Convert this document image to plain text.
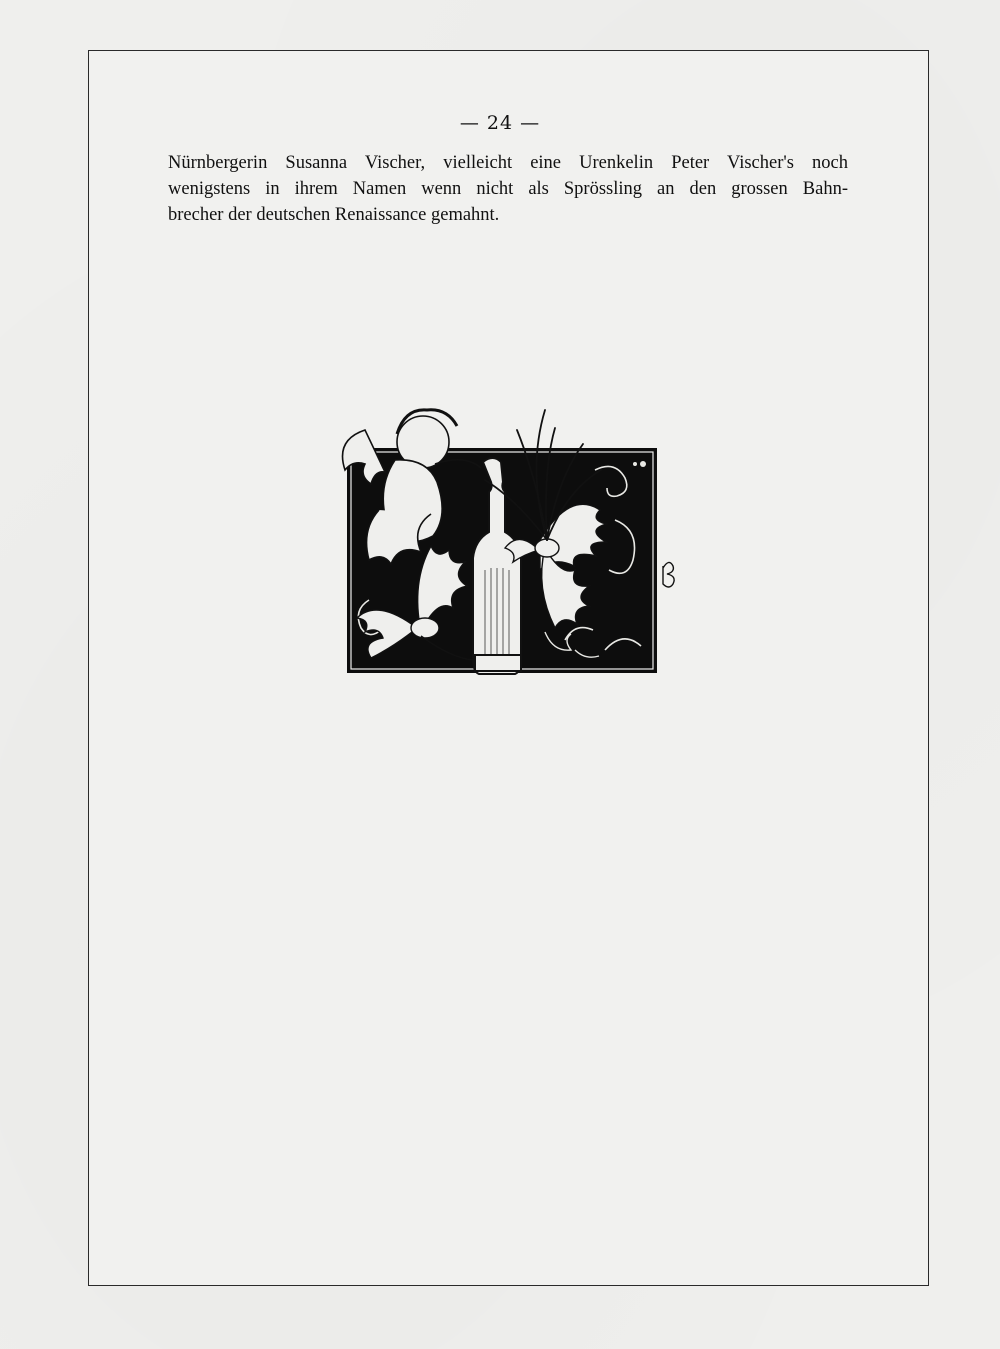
— 24 —
Nürnbergerin Susanna Vischer, vielleicht eine Urenkelin Peter Vischer's noch
wenigstens in ihrem Namen wenn nicht als Sprössling an den grossen Bahn-
brecher der deutschen Renaissance gemahnt.
